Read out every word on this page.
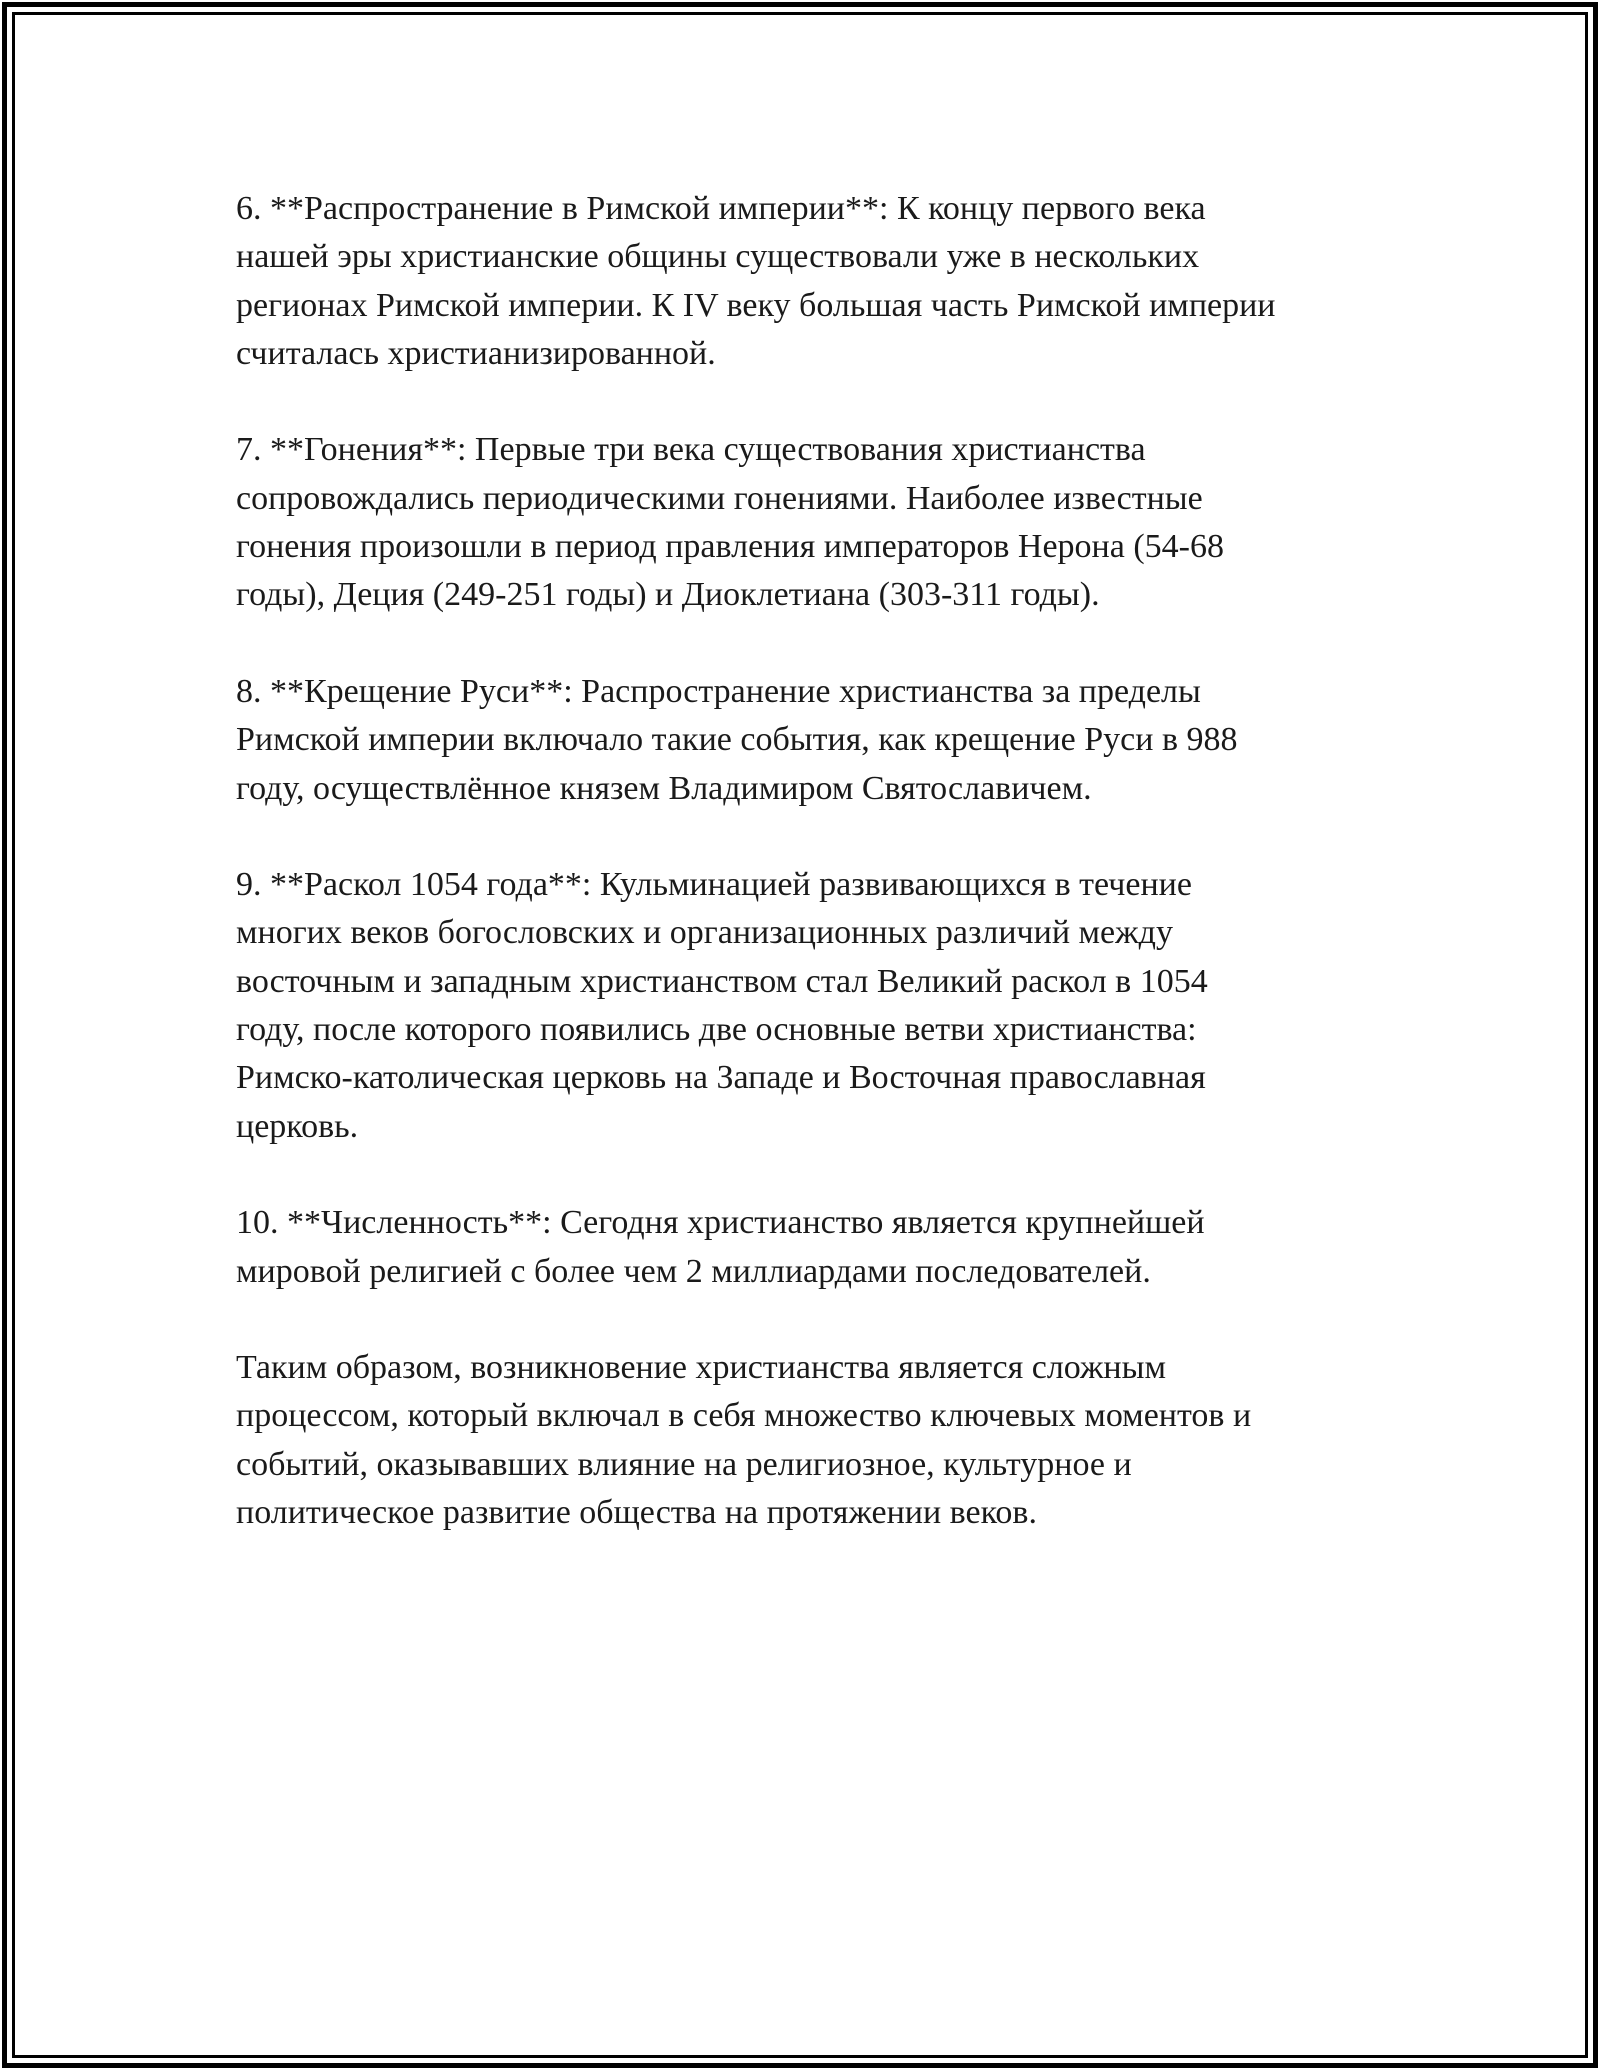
6. **Распространение в Римской империи**: К концу первого века
нашей эры христианские общины существовали уже в нескольких
регионах Римской империи. К IV веку большая часть Римской империи
считалась христианизированной.

7. **Гонения**: Первые три века существования христианства
сопровождались периодическими гонениями. Наиболее известные
гонения произошли в период правления императоров Нерона (54-68
годы), Деция (249-251 годы) и Диоклетиана (303-311 годы).

8. **Крещение Руси**: Распространение христианства за пределы
Римской империи включало такие события, как крещение Руси в 988
году, осуществлённое князем Владимиром Святославичем.

9. **Раскол 1054 года**: Кульминацией развивающихся в течение
многих веков богословских и организационных различий между
восточным и западным христианством стал Великий раскол в 1054
году, после которого появились две основные ветви христианства:
Римско-католическая церковь на Западе и Восточная православная
церковь.

10. **Численность**: Сегодня христианство является крупнейшей
мировой религией с более чем 2 миллиардами последователей.

Таким образом, возникновение христианства является сложным
процессом, который включал в себя множество ключевых моментов и
событий, оказывавших влияние на религиозное, культурное и
политическое развитие общества на протяжении веков.
